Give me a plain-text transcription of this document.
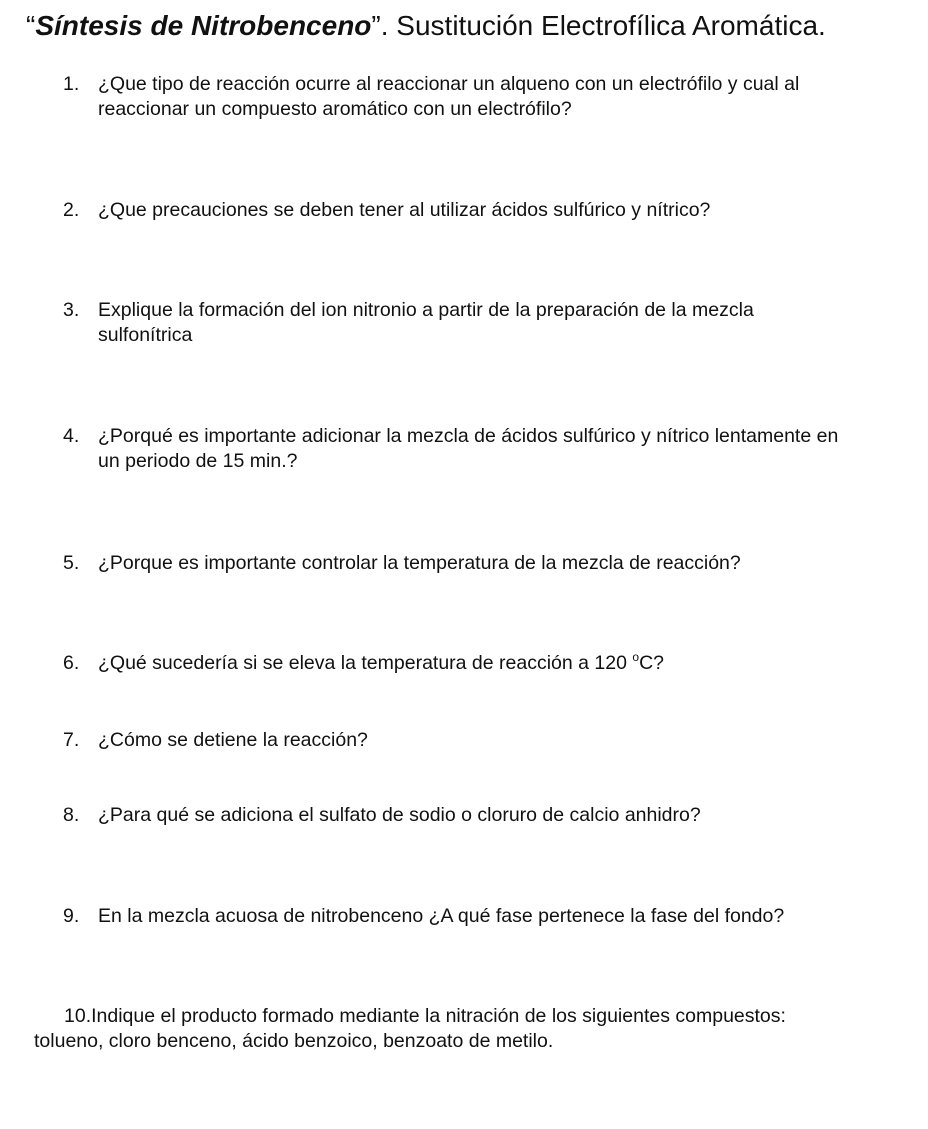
“Síntesis de Nitrobenceno”. Sustitución Electrofílica Aromática.
1. ¿Que tipo de reacción ocurre al reaccionar un alqueno con un electrófilo y cual al
reaccionar un compuesto aromático con un electrófilo?
2. ¿Que precauciones se deben tener al utilizar ácidos sulfúrico y nítrico?
3. Explique la formación del ion nitronio a partir de la preparación de la mezcla
sulfonítrica
4. ¿Porqué es importante adicionar la mezcla de ácidos sulfúrico y nítrico lentamente en
un periodo de 15 min.?
5. ¿Porque es importante controlar la temperatura de la mezcla de reacción?
6. ¿Qué sucedería si se eleva la temperatura de reacción a 120 $^o$C?
7. ¿Cómo se detiene la reacción?
8. ¿Para qué se adiciona el sulfato de sodio o cloruro de calcio anhidro?
9. En la mezcla acuosa de nitrobenceno ¿A qué fase pertenece la fase del fondo?
10.Indique el producto formado mediante la nitración de los siguientes compuestos:
tolueno, cloro benceno, ácido benzoico, benzoato de metilo.
